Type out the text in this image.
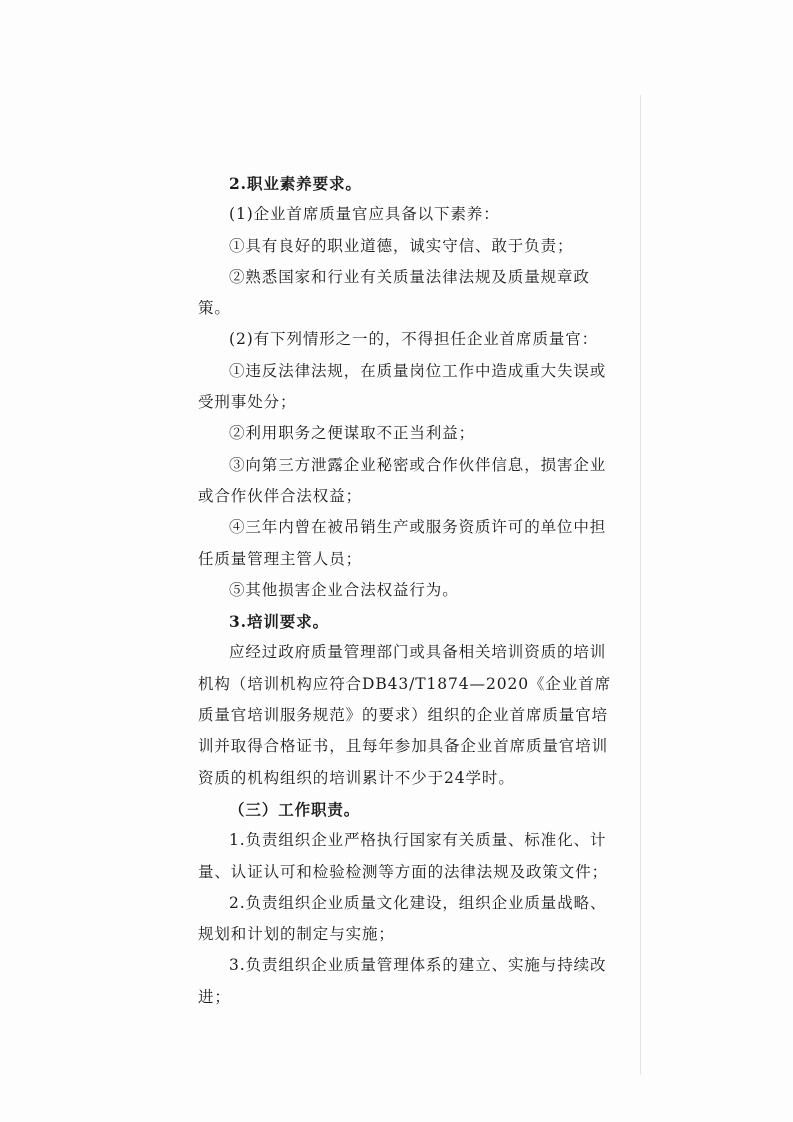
2.职业素养要求。

(1)企业首席质量官应具备以下素养：

①具有良好的职业道德，诚实守信、敢于负责；

②熟悉国家和行业有关质量法律法规及质量规章政策。

(2)有下列情形之一的，不得担任企业首席质量官：

①违反法律法规，在质量岗位工作中造成重大失误或受刑事处分；

②利用职务之便谋取不正当利益；

③向第三方泄露企业秘密或合作伙伴信息，损害企业或合作伙伴合法权益；

④三年内曾在被吊销生产或服务资质许可的单位中担任质量管理主管人员；

⑤其他损害企业合法权益行为。

3.培训要求。

应经过政府质量管理部门或具备相关培训资质的培训机构（培训机构应符合DB43/T1874—2020《企业首席质量官培训服务规范》的要求）组织的企业首席质量官培训并取得合格证书，且每年参加具备企业首席质量官培训资质的机构组织的培训累计不少于24学时。

（三）工作职责。

1.负责组织企业严格执行国家有关质量、标准化、计量、认证认可和检验检测等方面的法律法规及政策文件；

2.负责组织企业质量文化建设，组织企业质量战略、规划和计划的制定与实施；

3.负责组织企业质量管理体系的建立、实施与持续改进；
